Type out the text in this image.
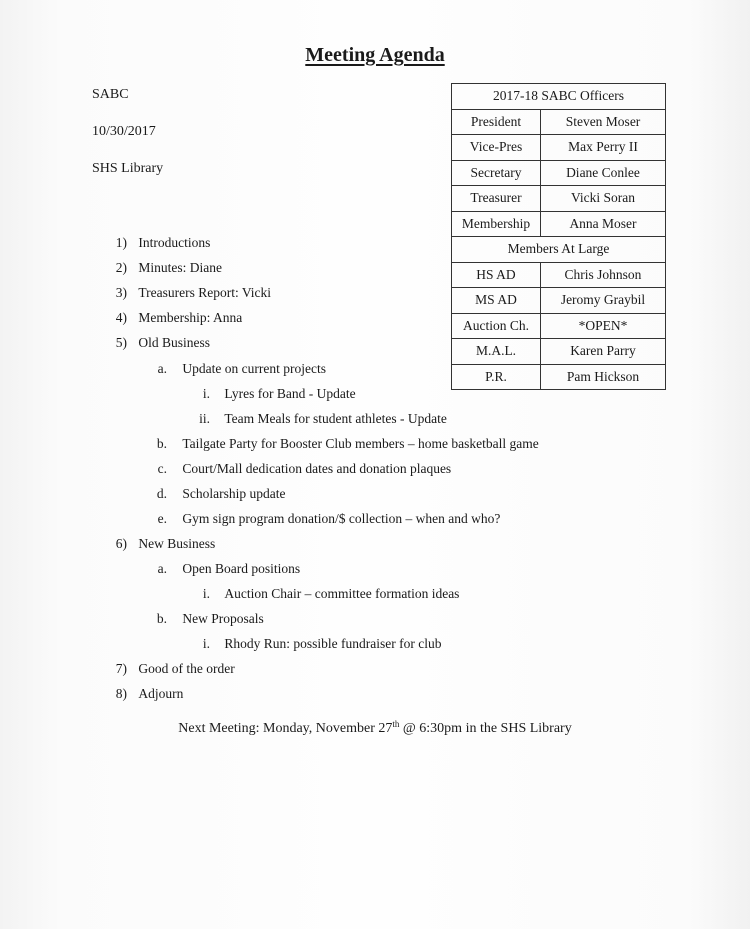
Meeting Agenda
SABC
10/30/2017
SHS Library
2017-18 SABC Officers	
President	Steven Moser
Vice-Pres	Max Perry II
Secretary	Diane Conlee
Treasurer	Vicki Soran
Membership	Anna Moser
Members At Large	
HS AD	Chris Johnson
MS AD	Jeromy Graybil
Auction Ch.	*OPEN*
M.A.L.	Karen Parry
P.R.	Pam Hickson
1) Introductions
2) Minutes: Diane
3) Treasurers Report: Vicki
4) Membership: Anna
5) Old Business
a. Update on current projects
i. Lyres for Band - Update
ii. Team Meals for student athletes - Update
b. Tailgate Party for Booster Club members – home basketball game
c. Court/Mall dedication dates and donation plaques
d. Scholarship update
e. Gym sign program donation/$ collection – when and who?
6) New Business
a. Open Board positions
i. Auction Chair – committee formation ideas
b. New Proposals
i. Rhody Run: possible fundraiser for club
7) Good of the order
8) Adjourn
Next Meeting: Monday, November 27th @ 6:30pm in the SHS Library
